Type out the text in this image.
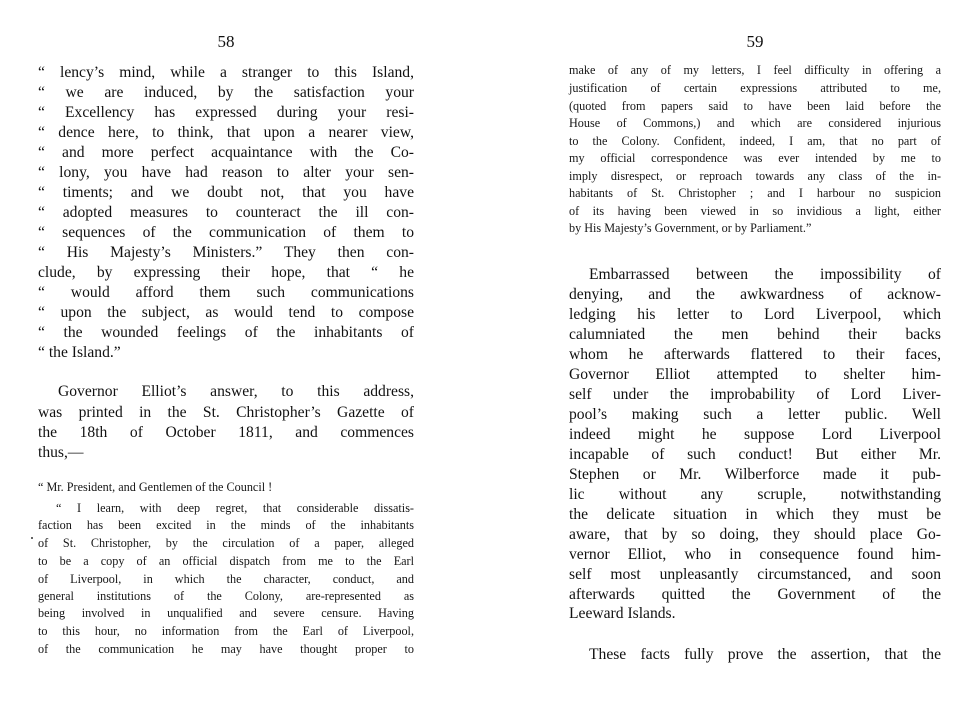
58
“ lency’s mind, while a stranger to this Island,
“ we are induced, by the satisfaction your
“ Excellency has expressed during your resi-
“ dence here, to think, that upon a nearer view,
“ and more perfect acquaintance with the Co-
“ lony, you have had reason to alter your sen-
“ timents; and we doubt not, that you have
“ adopted measures to counteract the ill con-
“ sequences of the communication of them to
“ His Majesty’s Ministers.” They then con-
clude, by expressing their hope, that “ he
“ would afford them such communications
“ upon the subject, as would tend to compose
“ the wounded feelings of the inhabitants of
“ the Island.”
Governor Elliot’s answer, to this address,
was printed in the St. Christopher’s Gazette of
the 18th of October 1811, and commences
thus,—
“ Mr. President, and Gentlemen of the Council !
“ I learn, with deep regret, that considerable dissatis-
faction has been excited in the minds of the inhabitants
of St. Christopher, by the circulation of a paper, alleged
to be a copy of an official dispatch from me to the Earl
of Liverpool, in which the character, conduct, and
general institutions of the Colony, are-represented as
being involved in unqualified and severe censure. Having
to this hour, no information from the Earl of Liverpool,
of the communication he may have thought proper to
59
make of any of my letters, I feel difficulty in offering a
justification of certain expressions attributed to me,
(quoted from papers said to have been laid before the
House of Commons,) and which are considered injurious
to the Colony. Confident, indeed, I am, that no part of
my official correspondence was ever intended by me to
imply disrespect, or reproach towards any class of the in-
habitants of St. Christopher ; and I harbour no suspicion
of its having been viewed in so invidious a light, either
by His Majesty’s Government, or by Parliament.”
Embarrassed between the impossibility of
denying, and the awkwardness of acknow-
ledging his letter to Lord Liverpool, which
calumniated the men behind their backs
whom he afterwards flattered to their faces,
Governor Elliot attempted to shelter him-
self under the improbability of Lord Liver-
pool’s making such a letter public. Well
indeed might he suppose Lord Liverpool
incapable of such conduct! But either Mr.
Stephen or Mr. Wilberforce made it pub-
lic without any scruple, notwithstanding
the delicate situation in which they must be
aware, that by so doing, they should place Go-
vernor Elliot, who in consequence found him-
self most unpleasantly circumstanced, and soon
afterwards quitted the Government of the
Leeward Islands.
These facts fully prove the assertion, that the
